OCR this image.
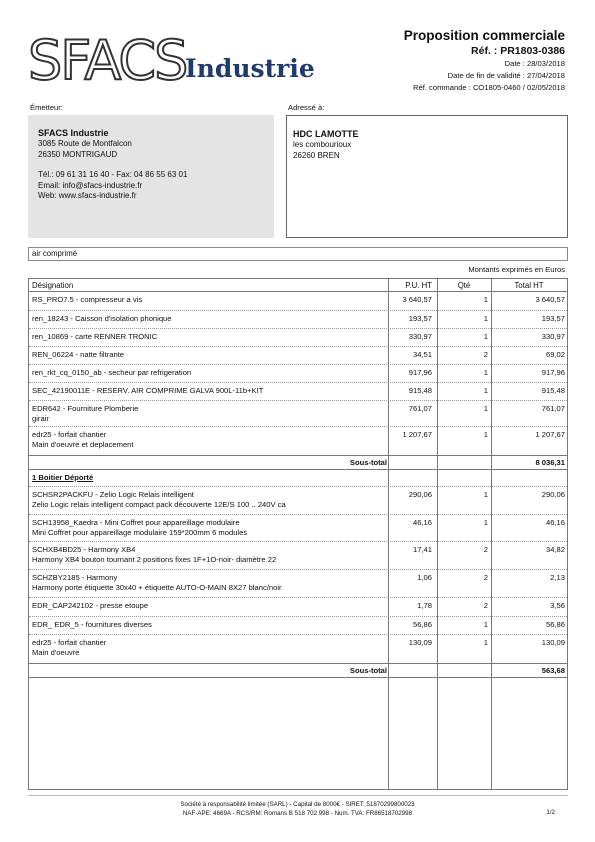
SFACS
Industrie
Proposition commerciale
Réf. : PR1803-0386
Date : 28/03/2018
Date de fin de validité : 27/04/2018
Réf. commande : CO1805-0460 / 02/05/2018
Émetteur:
SFACS Industrie
3085 Route de Montfalcon
26350 MONTRIGAUD
Tél.: 09 61 31 16 40 - Fax: 04 86 55 63 01
Email: info@sfacs-industrie.fr
Web: www.sfacs-industrie.fr
Adressé à:
HDC LAMOTTE
les combourioux
26260 BREN
air comprimé
Montants exprimés en Euros
Désignation	P.U. HT	Qté	Total HT
RS_PRO7.5 - compresseur a vis	3 640,57	1	3 640,57
ren_18243 - Caisson d'isolation phonique	193,57	1	193,57
ren_10869 - carte RENNER TRONIC	330,97	1	330,97
REN_06224 - natte filtrante	34,51	2	69,02
ren_rkt_cq_0150_ab - secheur par refrigeration	917,96	1	917,96
SEC_42190011E - RESERV. AIR COMPRIME GALVA 900L-11b+KIT	915,48	1	915,48
EDR642 - Fourniture Plomberie
girair
761,07	1	761,07
edr25 - forfait chantier
Main d'oeuvre et deplacement
1 207,67	1	1 207,67
Sous-total	8 036,31
1 Boitier Déporté
SCHSR2PACKFU - Zelio Logic Relais intelligent
Zelio Logic relais intelligent compact pack découverte 12E/S 100 .. 240V ca
290,06	1	290,06
SCH13958_Kaedra - Mini Coffret pour appareillage modulaire
Mini Coffret pour appareillage modulaire 159*200mm 6 modules
46,16	1	46,16
SCHXB4BD25 - Harmony XB4
Harmony XB4 bouton tournant 2 positions fixes 1F+1O-noir- diamètre 22
17,41	2	34,82
SCHZBY2185 - Harmony
Harmony porte étiquette 30x40 + étiquette AUTO-O-MAIN 8X27 blanc/noir
1,06	2	2,13
EDR_CAP242102 - presse etoupe	1,78	2	3,56
EDR_ EDR_5 - fournitures diverses	56,86	1	56,86
edr25 - forfait chantier
Main d'oeuvre
130,09	1	130,09
Sous-total	563,68
Société à responsabilité limitée (SARL) - Capital de 8000€ - SIRET: 51870299800023
NAF-APE: 4669A - RCS/RM: Romans B 518 702 998 - Num. TVA: FR86518702998	1/2
